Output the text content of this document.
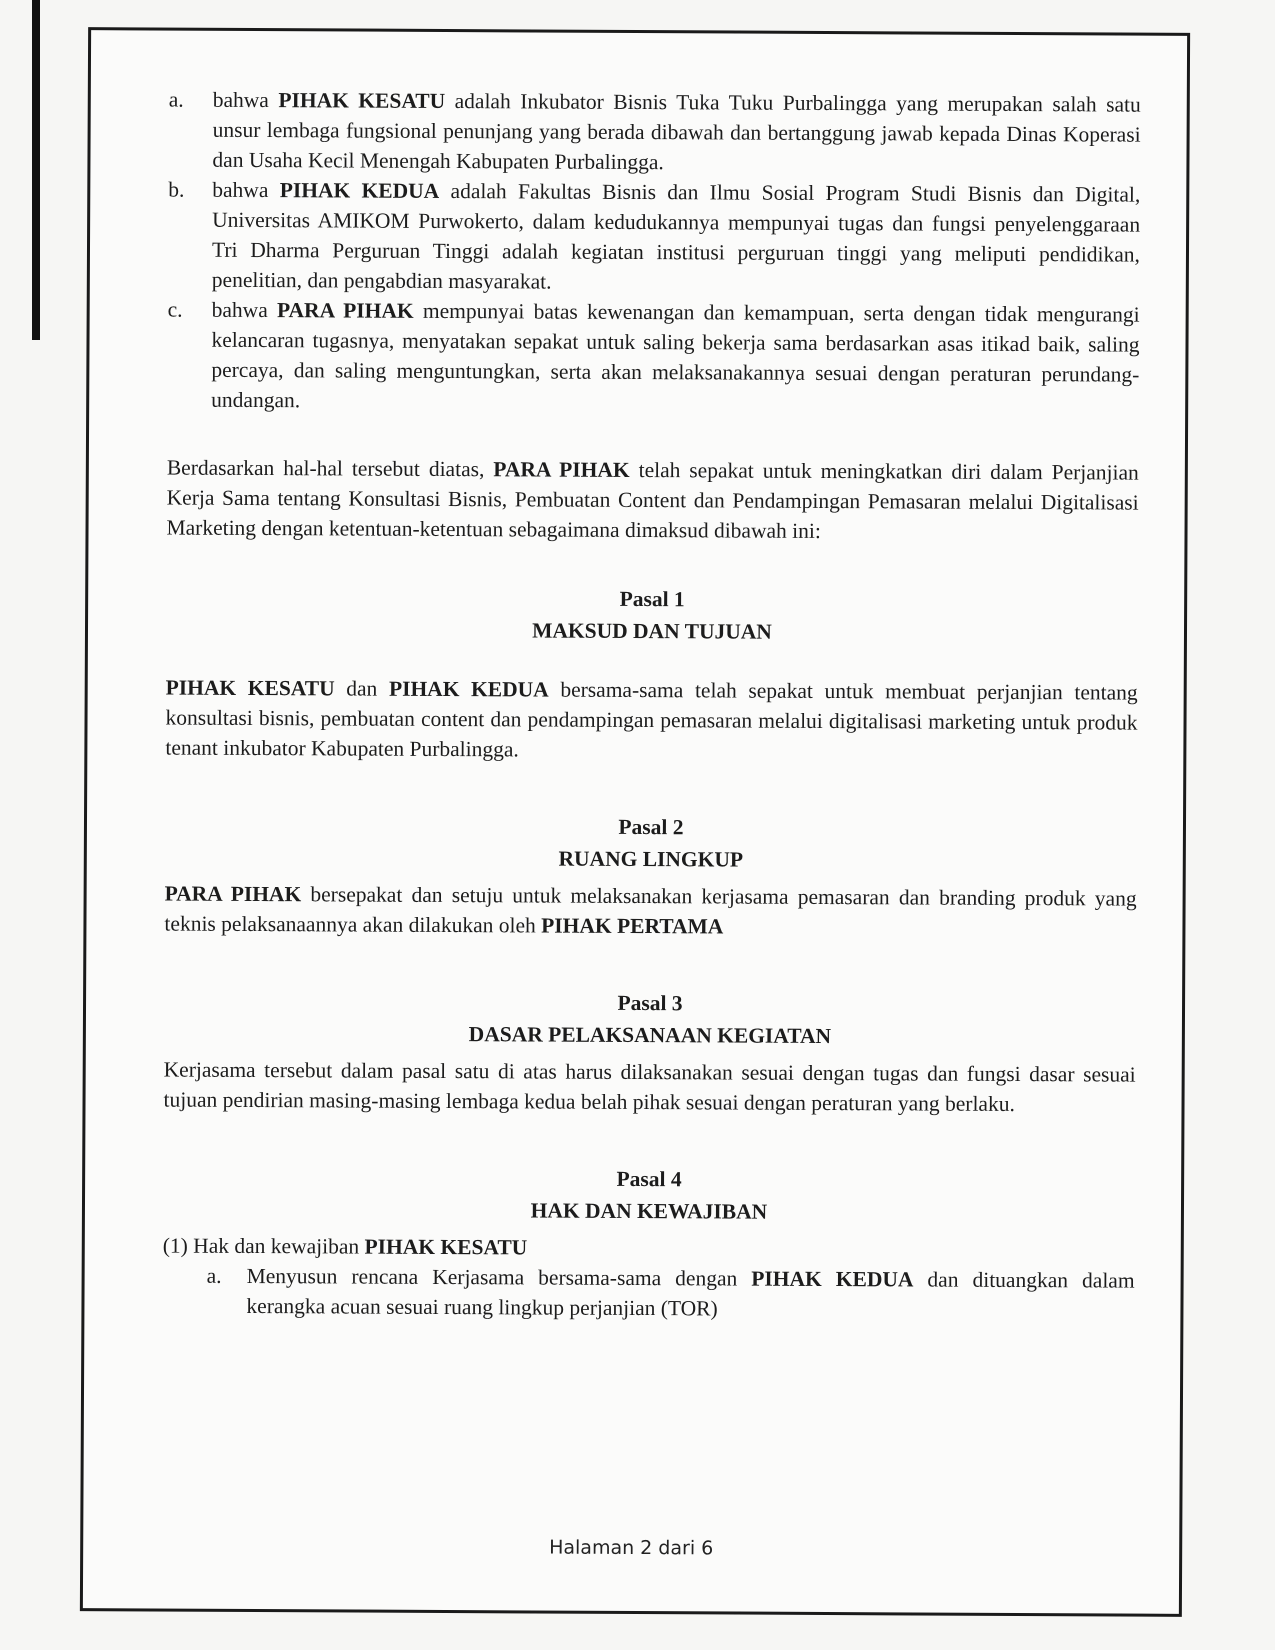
a.	bahwa PIHAK KESATU adalah Inkubator Bisnis Tuka Tuku Purbalingga yang merupakan salah satu unsur lembaga fungsional penunjang yang berada dibawah dan bertanggung jawab kepada Dinas Koperasi dan Usaha Kecil Menengah Kabupaten Purbalingga.
b.	bahwa PIHAK KEDUA adalah Fakultas Bisnis dan Ilmu Sosial Program Studi Bisnis dan Digital, Universitas AMIKOM Purwokerto, dalam kedudukannya mempunyai tugas dan fungsi penyelenggaraan Tri Dharma Perguruan Tinggi adalah kegiatan institusi perguruan tinggi yang meliputi pendidikan, penelitian, dan pengabdian masyarakat.
c.	bahwa PARA PIHAK mempunyai batas kewenangan dan kemampuan, serta dengan tidak mengurangi kelancaran tugasnya, menyatakan sepakat untuk saling bekerja sama berdasarkan asas itikad baik, saling percaya, dan saling menguntungkan, serta akan melaksanakannya sesuai dengan peraturan perundang-undangan.

Berdasarkan hal-hal tersebut diatas, PARA PIHAK telah sepakat untuk meningkatkan diri dalam Perjanjian Kerja Sama tentang Konsultasi Bisnis, Pembuatan Content dan Pendampingan Pemasaran melalui Digitalisasi Marketing dengan ketentuan-ketentuan sebagaimana dimaksud dibawah ini:

Pasal 1
MAKSUD DAN TUJUAN

PIHAK KESATU dan PIHAK KEDUA bersama-sama telah sepakat untuk membuat perjanjian tentang konsultasi bisnis, pembuatan content dan pendampingan pemasaran melalui digitalisasi marketing untuk produk tenant inkubator Kabupaten Purbalingga.

Pasal 2
RUANG LINGKUP

PARA PIHAK bersepakat dan setuju untuk melaksanakan kerjasama pemasaran dan branding produk yang teknis pelaksanaannya akan dilakukan oleh PIHAK PERTAMA

Pasal 3
DASAR PELAKSANAAN KEGIATAN

Kerjasama tersebut dalam pasal satu di atas harus dilaksanakan sesuai dengan tugas dan fungsi dasar sesuai tujuan pendirian masing-masing lembaga kedua belah pihak sesuai dengan peraturan yang berlaku.

Pasal 4
HAK DAN KEWAJIBAN

(1) Hak dan kewajiban PIHAK KESATU

a.	Menyusun rencana Kerjasama bersama-sama dengan PIHAK KEDUA dan dituangkan dalam kerangka acuan sesuai ruang lingkup perjanjian (TOR)
Halaman 2 dari 6
